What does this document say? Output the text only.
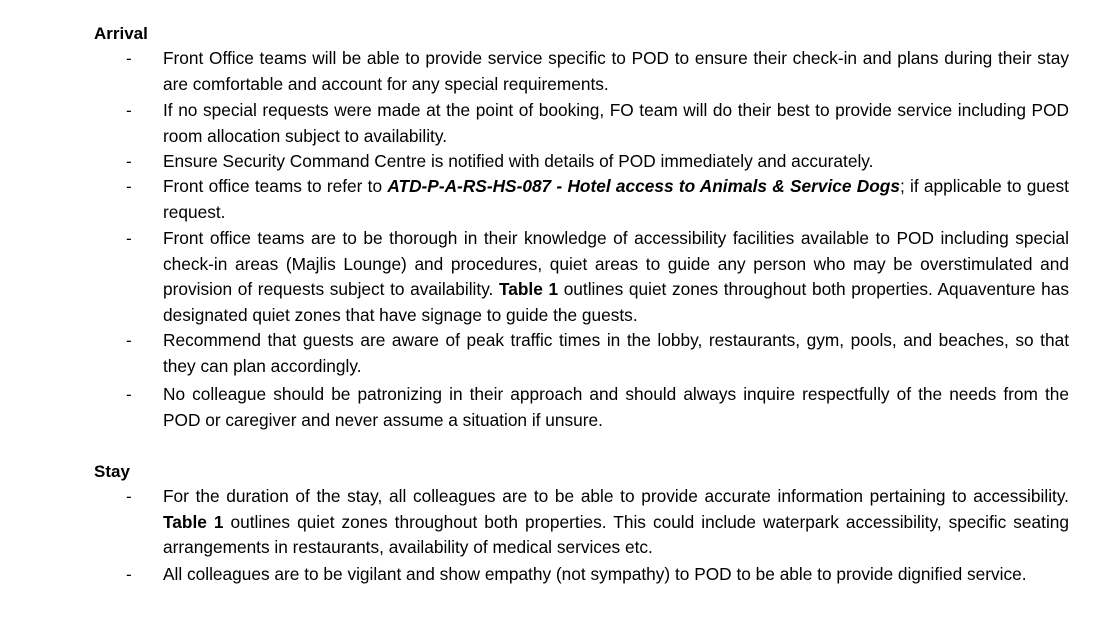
Arrival
- Front Office teams will be able to provide service specific to POD to ensure their check-in and plans during their stay are comfortable and account for any special requirements.
- If no special requests were made at the point of booking, FO team will do their best to provide service including POD room allocation subject to availability.
- Ensure Security Command Centre is notified with details of POD immediately and accurately.
- Front office teams to refer to ATD-P-A-RS-HS-087 - Hotel access to Animals & Service Dogs; if applicable to guest request.
- Front office teams are to be thorough in their knowledge of accessibility facilities available to POD including special check-in areas (Majlis Lounge) and procedures, quiet areas to guide any person who may be overstimulated and provision of requests subject to availability. Table 1 outlines quiet zones throughout both properties. Aquaventure has designated quiet zones that have signage to guide the guests.
- Recommend that guests are aware of peak traffic times in the lobby, restaurants, gym, pools, and beaches, so that they can plan accordingly.
- No colleague should be patronizing in their approach and should always inquire respectfully of the needs from the POD or caregiver and never assume a situation if unsure.
Stay
- For the duration of the stay, all colleagues are to be able to provide accurate information pertaining to accessibility. Table 1 outlines quiet zones throughout both properties. This could include waterpark accessibility, specific seating arrangements in restaurants, availability of medical services etc.
- All colleagues are to be vigilant and show empathy (not sympathy) to POD to be able to provide dignified service.
